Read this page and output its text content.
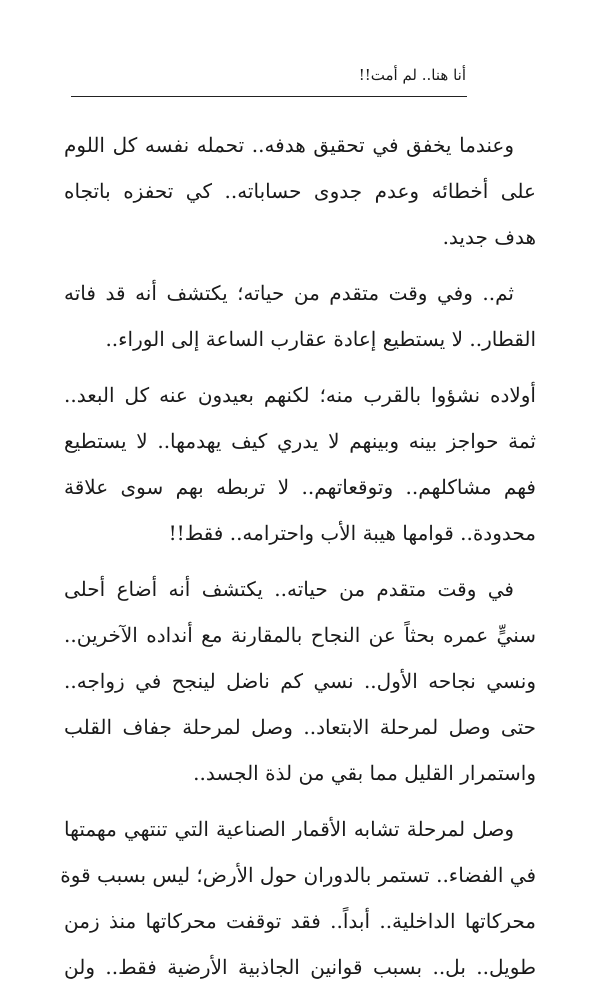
أنا هنا.. لم أمت!!
وعندما يخفق في تحقيق هدفه.. تحمله نفسه كل اللوم
على أخطائه وعدم جدوى حساباته.. كي تحفزه باتجاه
هدف جديد.
ثم.. وفي وقت متقدم من حياته؛ يكتشف أنه قد فاته
القطار.. لا يستطيع إعادة عقارب الساعة إلى الوراء..
أولاده نشؤوا بالقرب منه؛ لكنهم بعيدون عنه كل البعد..
ثمة حواجز بينه وبينهم لا يدري كيف يهدمها.. لا يستطيع
فهم مشاكلهم.. وتوقعاتهم.. لا تربطه بهم سوى علاقة
محدودة.. قوامها هيبة الأب واحترامه.. فقط!!
في وقت متقدم من حياته.. يكتشف أنه أضاع أحلى
سنيٍّ عمره بحثاً عن النجاح بالمقارنة مع أنداده الآخرين..
ونسي نجاحه الأول.. نسي كم ناضل لينجح في زواجه..
حتى وصل لمرحلة الابتعاد.. وصل لمرحلة جفاف القلب
واستمرار القليل مما بقي من لذة الجسد..
وصل لمرحلة تشابه الأقمار الصناعية التي تنتهي مهمتها
في الفضاء.. تستمر بالدوران حول الأرض؛ ليس بسبب قوة
محركاتها الداخلية.. أبداً.. فقد توقفت محركاتها منذ زمن
طويل.. بل.. بسبب قوانين الجاذبية الأرضية فقط.. ولن
